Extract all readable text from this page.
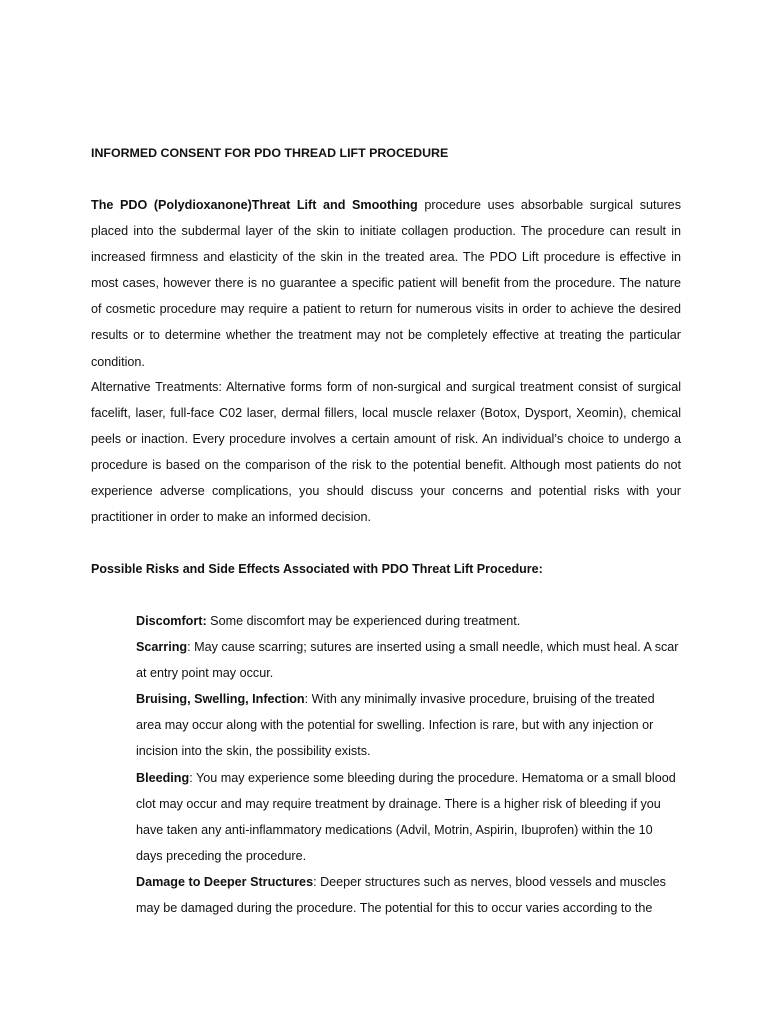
INFORMED CONSENT FOR PDO THREAD LIFT PROCEDURE

The PDO (Polydioxanone)Threat Lift and Smoothing procedure uses absorbable surgical sutures placed into the subdermal layer of the skin to initiate collagen production. The procedure can result in increased firmness and elasticity of the skin in the treated area. The PDO Lift procedure is effective in most cases, however there is no guarantee a specific patient will benefit from the procedure. The nature of cosmetic procedure may require a patient to return for numerous visits in order to achieve the desired results or to determine whether the treatment may not be completely effective at treating the particular condition.

Alternative Treatments: Alternative forms form of non-surgical and surgical treatment consist of surgical facelift, laser, full-face C02 laser, dermal fillers, local muscle relaxer (Botox, Dysport, Xeomin), chemical peels or inaction. Every procedure involves a certain amount of risk. An individual’s choice to undergo a procedure is based on the comparison of the risk to the potential benefit. Although most patients do not experience adverse complications, you should discuss your concerns and potential risks with your practitioner in order to make an informed decision.

Possible Risks and Side Effects Associated with PDO Threat Lift Procedure:

Discomfort: Some discomfort may be experienced during treatment.
Scarring: May cause scarring; sutures are inserted using a small needle, which must heal. A scar at entry point may occur.
Bruising, Swelling, Infection: With any minimally invasive procedure, bruising of the treated area may occur along with the potential for swelling. Infection is rare, but with any injection or incision into the skin, the possibility exists.
Bleeding: You may experience some bleeding during the procedure. Hematoma or a small blood clot may occur and may require treatment by drainage. There is a higher risk of bleeding if you have taken any anti-inflammatory medications (Advil, Motrin, Aspirin, Ibuprofen) within the 10 days preceding the procedure.
Damage to Deeper Structures: Deeper structures such as nerves, blood vessels and muscles may be damaged during the procedure. The potential for this to occur varies according to the
